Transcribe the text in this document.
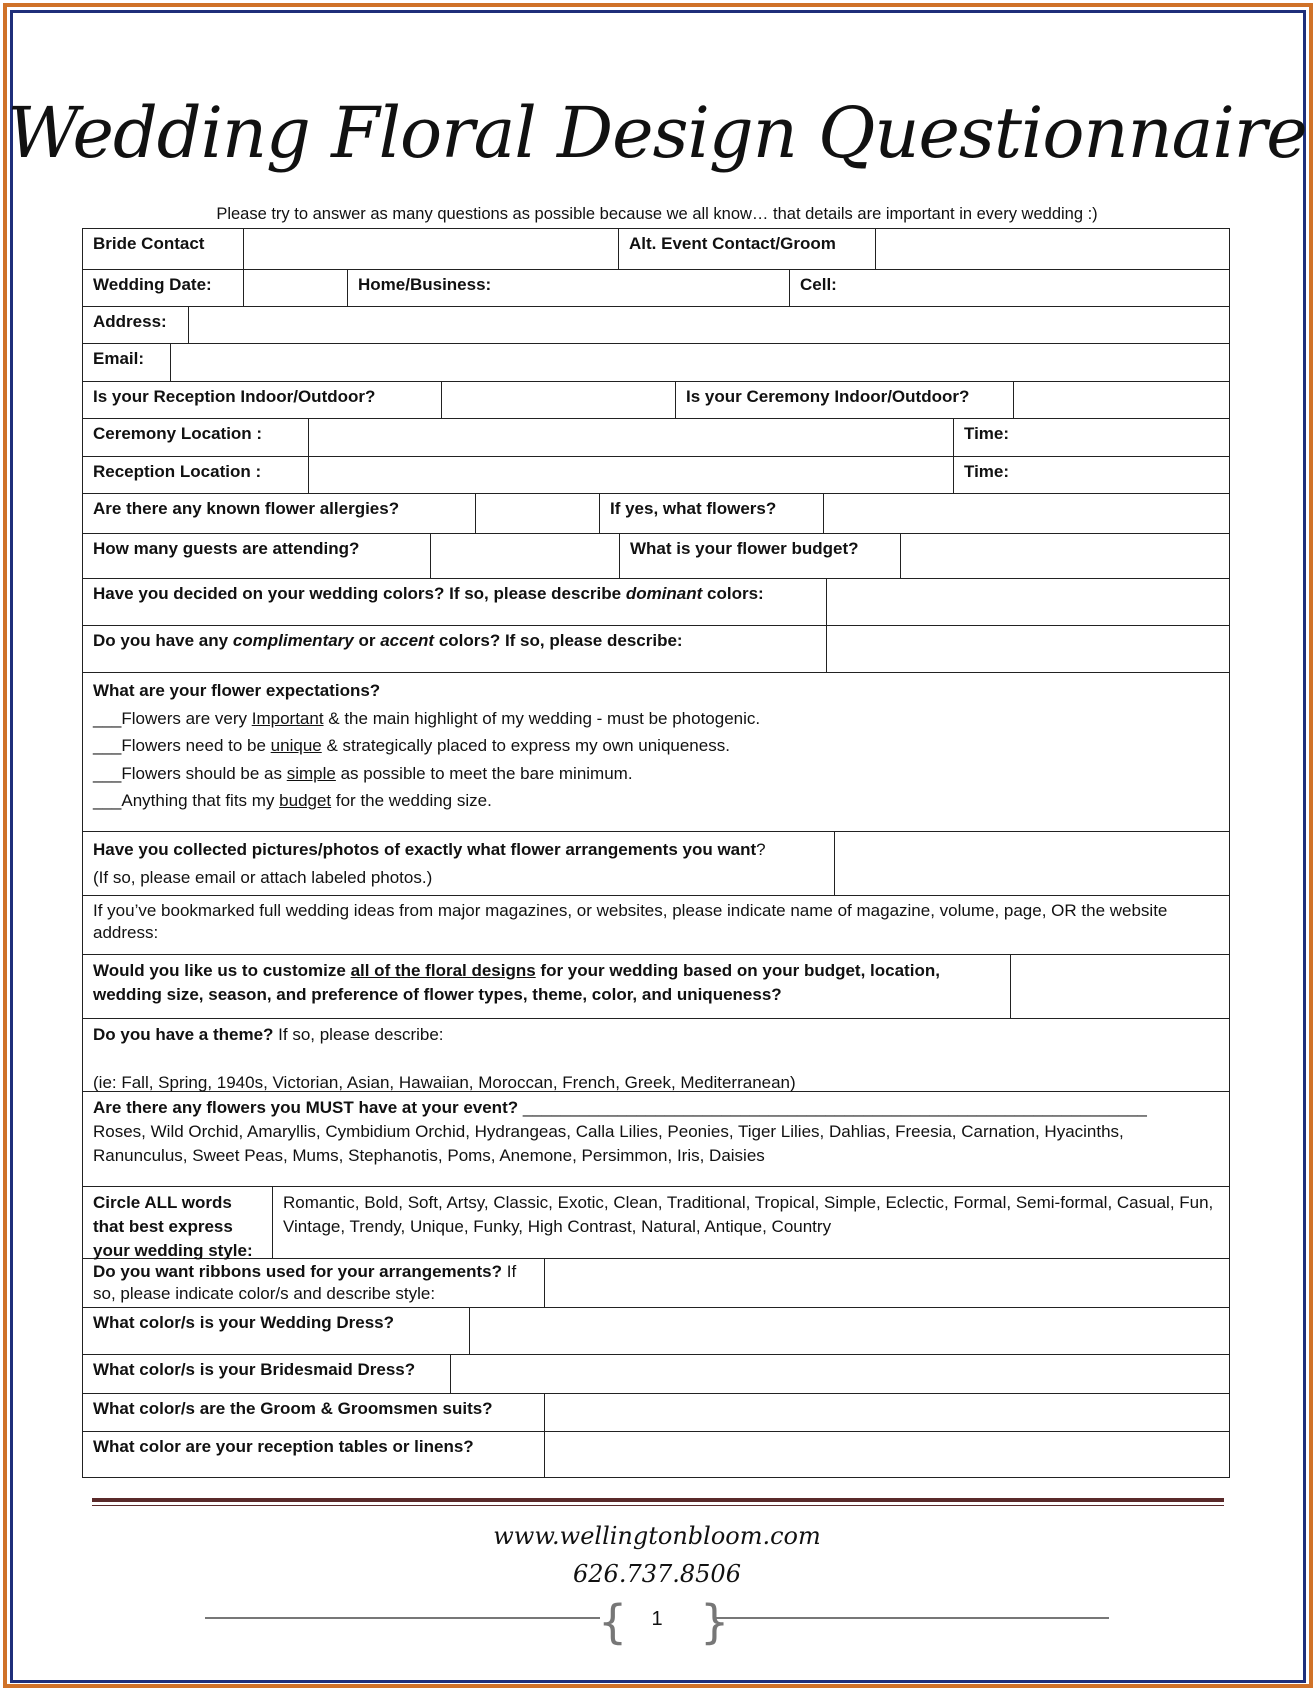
Wedding Floral Design Questionnaire
Please try to answer as many questions as possible because we all know… that details are important in every wedding :)
Bride Contact	Alt. Event Contact/Groom
Wedding Date:	Home/Business:	Cell:
Address:
Email:
Is your Reception Indoor/Outdoor?	Is your Ceremony Indoor/Outdoor?
Ceremony Location :	Time:
Reception Location :	Time:
Are there any known flower allergies?	If yes, what flowers?
How many guests are attending?	What is your flower budget?
Have you decided on your wedding colors? If so, please describe dominant colors:
Do you have any complimentary or accent colors? If so, please describe:
What are your flower expectations?
___Flowers are very Important & the main highlight of my wedding - must be photogenic.
___Flowers need to be unique & strategically placed to express my own uniqueness.
___Flowers should be as simple as possible to meet the bare minimum.
___Anything that fits my budget for the wedding size.
Have you collected pictures/photos of exactly what flower arrangements you want?
(If so, please email or attach labeled photos.)
If you’ve bookmarked full wedding ideas from major magazines, or websites, please indicate name of magazine, volume, page, OR the website address:
Would you like us to customize all of the floral designs for your wedding based on your budget, location, wedding size, season, and preference of flower types, theme, color, and uniqueness?
Do you have a theme? If so, please describe:
(ie: Fall, Spring, 1940s, Victorian, Asian, Hawaiian, Moroccan, French, Greek, Mediterranean)
Are there any flowers you MUST have at your event? __________________________________________________________________
Roses, Wild Orchid, Amaryllis, Cymbidium Orchid, Hydrangeas, Calla Lilies, Peonies, Tiger Lilies, Dahlias, Freesia, Carnation, Hyacinths, Ranunculus, Sweet Peas, Mums, Stephanotis, Poms, Anemone, Persimmon, Iris, Daisies
Circle ALL words that best express your wedding style:
Romantic, Bold, Soft, Artsy, Classic, Exotic, Clean, Traditional, Tropical, Simple, Eclectic, Formal, Semi-formal, Casual, Fun, Vintage, Trendy, Unique, Funky, High Contrast, Natural, Antique, Country
Do you want ribbons used for your arrangements? If so, please indicate color/s and describe style:
What color/s is your Wedding Dress?
What color/s is your Bridesmaid Dress?
What color/s are the Groom & Groomsmen suits?
What color are your reception tables or linens?
www.wellingtonbloom.com
626.737.8506
{ }
1
